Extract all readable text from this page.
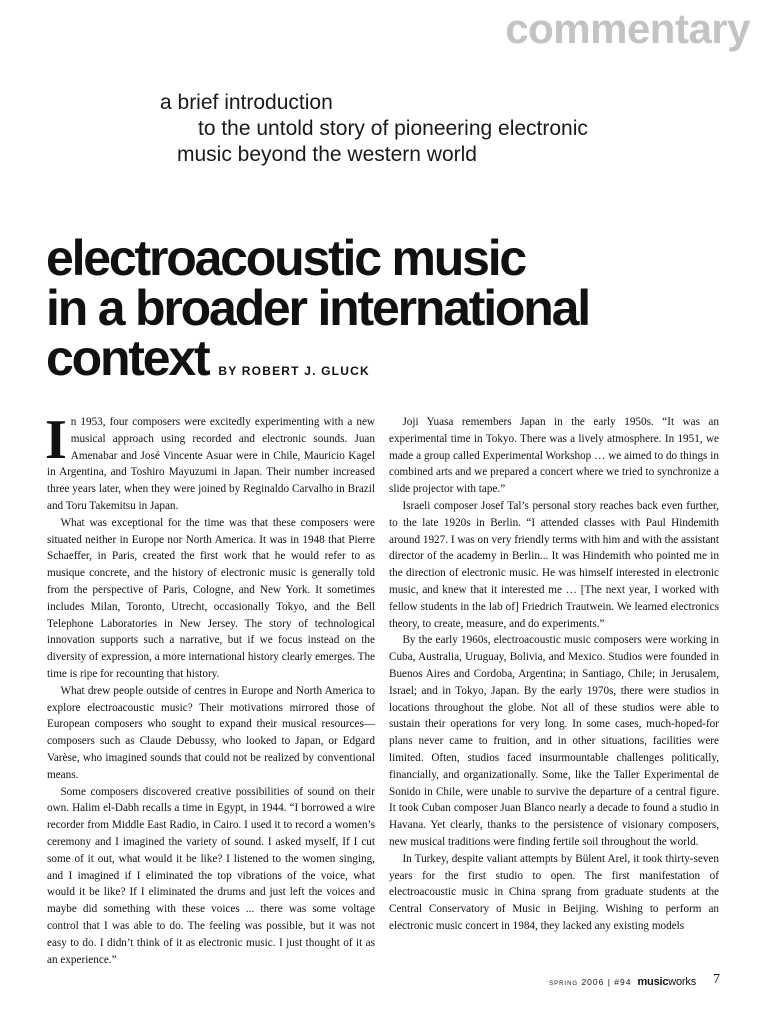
commentary
a brief introduction
to the untold story of pioneering electronic
music beyond the western world
electroacoustic music
in a broader international
context BY ROBERT J. GLUCK

In 1953, four composers were excitedly experimenting with a new musical approach using recorded and electronic sounds. Juan Amenabar and José Vincente Asuar were in Chile, Mauricio Kagel in Argentina, and Toshiro Mayuzumi in Japan. Their number increased three years later, when they were joined by Reginaldo Carvalho in Brazil and Toru Takemitsu in Japan.

What was exceptional for the time was that these composers were situated neither in Europe nor North America. It was in 1948 that Pierre Schaeffer, in Paris, created the first work that he would refer to as musique concrete, and the history of electronic music is generally told from the perspective of Paris, Cologne, and New York. It sometimes includes Milan, Toronto, Utrecht, occasionally Tokyo, and the Bell Telephone Laboratories in New Jersey. The story of technological innovation supports such a narrative, but if we focus instead on the diversity of expression, a more international history clearly emerges. The time is ripe for recounting that history.

What drew people outside of centres in Europe and North America to explore electroacoustic music? Their motivations mirrored those of European composers who sought to expand their musical resources—composers such as Claude Debussy, who looked to Japan, or Edgard Varèse, who imagined sounds that could not be realized by conventional means.

Some composers discovered creative possibilities of sound on their own. Halim el-Dabh recalls a time in Egypt, in 1944. “I borrowed a wire recorder from Middle East Radio, in Cairo. I used it to record a women’s ceremony and I imagined the variety of sound. I asked myself, If I cut some of it out, what would it be like? I listened to the women singing, and I imagined if I eliminated the top vibrations of the voice, what would it be like? If I eliminated the drums and just left the voices and maybe did something with these voices ... there was some voltage control that I was able to do. The feeling was possible, but it was not easy to do. I didn’t think of it as electronic music. I just thought of it as an experience.”

Joji Yuasa remembers Japan in the early 1950s. “It was an experimental time in Tokyo. There was a lively atmosphere. In 1951, we made a group called Experimental Workshop … we aimed to do things in combined arts and we prepared a concert where we tried to synchronize a slide projector with tape.”

Israeli composer Josef Tal’s personal story reaches back even further, to the late 1920s in Berlin. “I attended classes with Paul Hindemith around 1927. I was on very friendly terms with him and with the assistant director of the academy in Berlin... It was Hindemith who pointed me in the direction of electronic music. He was himself interested in electronic music, and knew that it interested me … [The next year, I worked with fellow students in the lab of] Friedrich Trautwein. We learned electronics theory, to create, measure, and do experiments.”

By the early 1960s, electroacoustic music composers were working in Cuba, Australia, Uruguay, Bolivia, and Mexico. Studios were founded in Buenos Aires and Cordoba, Argentina; in Santiago, Chile; in Jerusalem, Israel; and in Tokyo, Japan. By the early 1970s, there were studios in locations throughout the globe. Not all of these studios were able to sustain their operations for very long. In some cases, much-hoped-for plans never came to fruition, and in other situations, facilities were limited. Often, studios faced insurmountable challenges politically, financially, and organizationally. Some, like the Taller Experimental de Sonido in Chile, were unable to survive the departure of a central figure. It took Cuban composer Juan Blanco nearly a decade to found a studio in Havana. Yet clearly, thanks to the persistence of visionary composers, new musical traditions were finding fertile soil throughout the world.

In Turkey, despite valiant attempts by Bülent Arel, it took thirty-seven years for the first studio to open. The first manifestation of electroacoustic music in China sprang from graduate students at the Central Conservatory of Music in Beijing. Wishing to perform an electronic music concert in 1984, they lacked any existing models

spring 2006 | #94 musicworks 7
